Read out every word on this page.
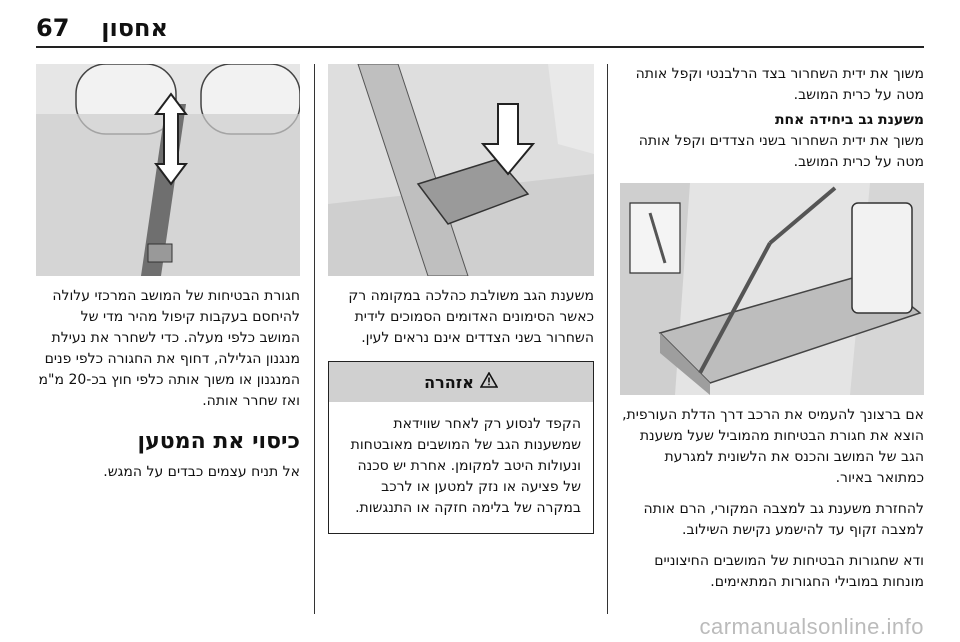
67 אחסון

משוך את ידית השחרור בצד הרלבנטי וקפל אותה מטה על כרית המושב.

משענת גב ביחידה אחת

משוך את ידית השחרור בשני הצדדים וקפל אותה מטה על כרית המושב.

אם ברצונך להעמיס את הרכב דרך הדלת העורפית, הוצא את חגורת הבטיחות מהמוביל שעל משענת הגב של המושב והכנס את הלשונית למגרעת כמתואר באיור.

להחזרת משענת גב למצבה המקורי, הרם אותה למצבה זקוף עד להישמע נקישת השילוב.

ודא שחגורות הבטיחות של המושבים החיצוניים מונחות במובילי החגורות המתאימים.

משענת הגב משולבת כהלכה במקומה רק כאשר הסימונים האדומים הסמוכים לידית השחרור בשני הצדדים אינם נראים לעין.

אזהרה

הקפד לנסוע רק לאחר שווידאת שמשענות הגב של המושבים מאובטחות ונעולות היטב למקומן. אחרת יש סכנה של פציעה או נזק למטען או לרכב במקרה של בלימה חזקה או התנגשות.

חגורת הבטיחות של המושב המרכזי עלולה להיחסם בעקבות קיפול מהיר מדי של המושב כלפי מעלה. כדי לשחרר את נעילת מנגנון הגלילה, דחוף את החגורה כלפי פנים המנגנון או משוך אותה כלפי חוץ בכ-20 מ"מ ואז שחרר אותה.

כיסוי את המטען

אל תניח עצמים כבדים על המגש.

carmanualsonline.info
